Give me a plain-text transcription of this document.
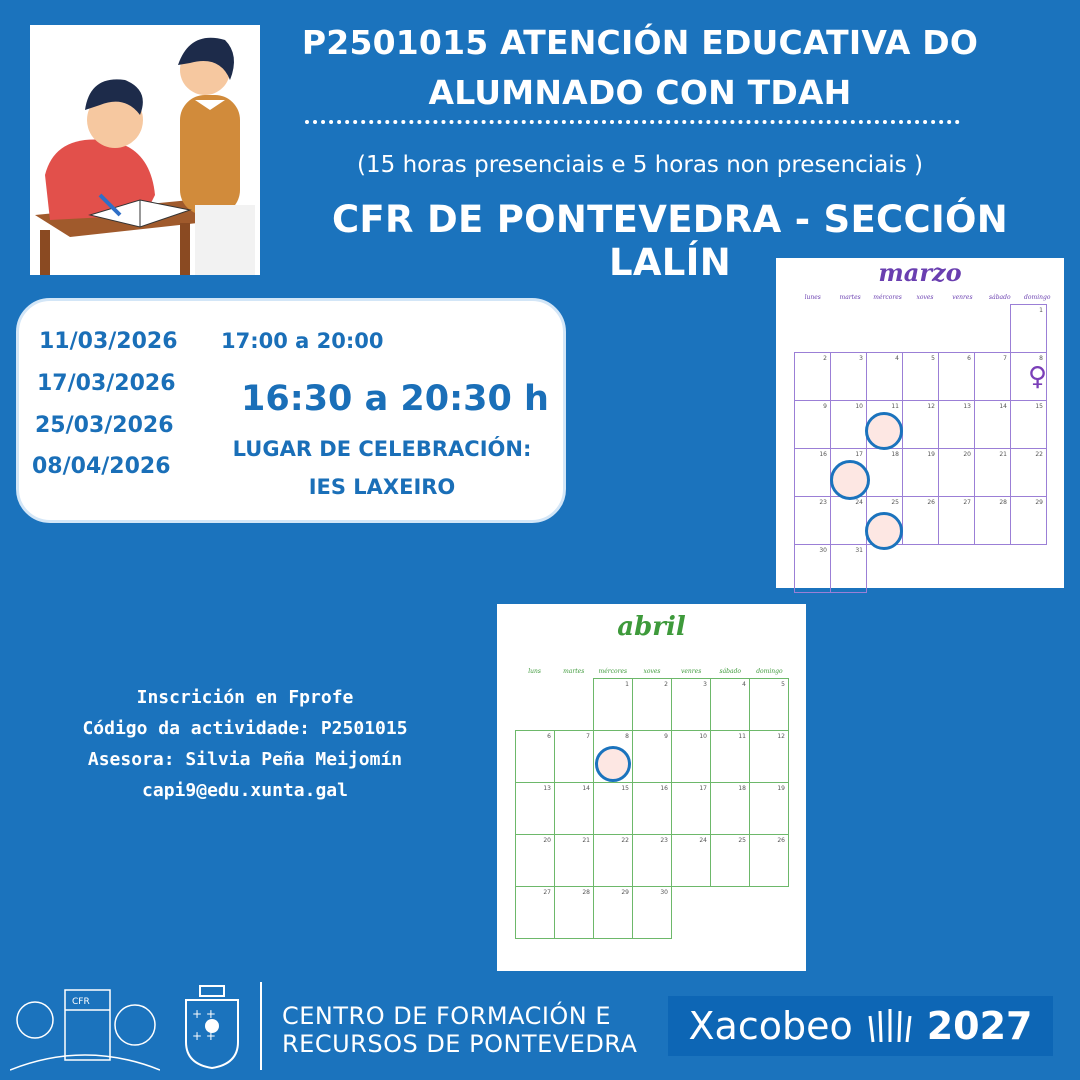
P2501015 ATENCIÓN EDUCATIVA DO
ALUMNADO CON TDAH
(15 horas presenciais e 5 horas non presenciais )
CFR DE PONTEVEDRA - SECCIÓN LALÍN
11/03/2026
17/03/2026
25/03/2026
08/04/2026
17:00 a 20:00
16:30 a 20:30 h
LUGAR DE CELEBRACIÓN:
IES LAXEIRO
Inscrición en Fprofe
Código da actividade: P2501015
Asesora: Silvia Peña Meijomín
capi9@edu.xunta.gal
marzo
lunes	martes	mércores	xoves	venres	sábado	domingo
						1
2	3	4	5	6	7	8
9	10	11	12	13	14	15
16	17	18	19	20	21	22
23	24	25	26	27	28	29
30	31					
♀
abril
luns	martes	mércores	xoves	venres	sábado	domingo
		1	2	3	4	5
6	7	8	9	10	11	12
13	14	15	16	17	18	19
20	21	22	23	24	25	26
27	28	29	30			
CFR
+ +
+ +
CENTRO DE FORMACIÓN E
RECURSOS DE PONTEVEDRA Xacobeo 2027
